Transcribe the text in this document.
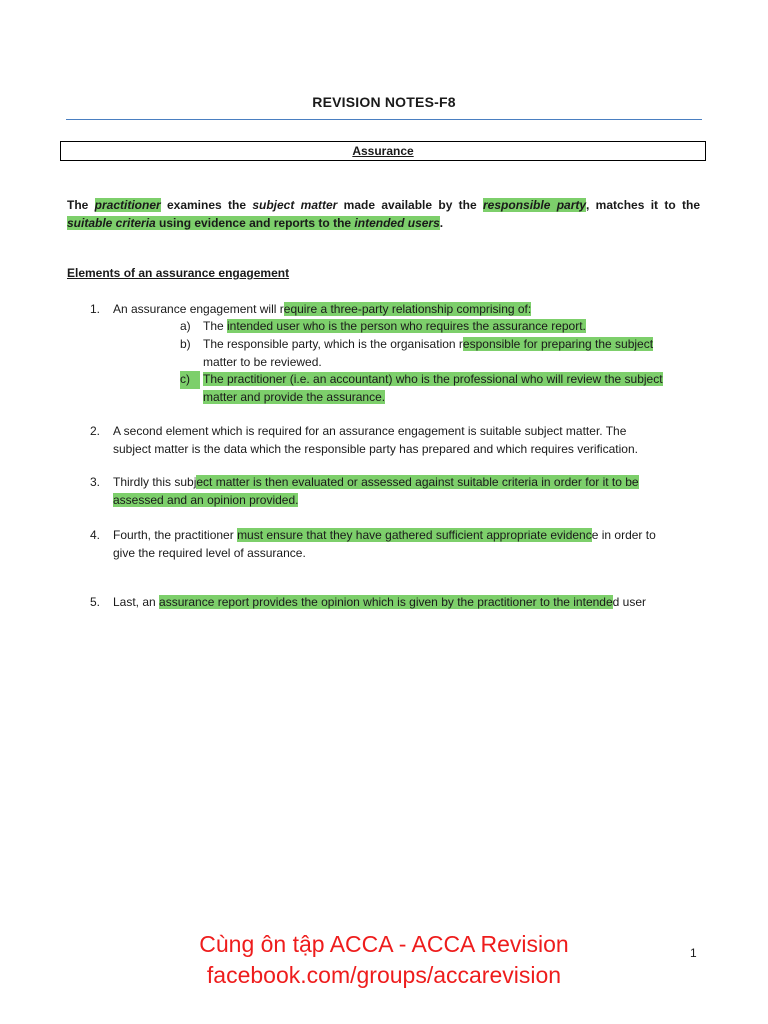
REVISION NOTES-F8
Assurance
The practitioner examines the subject matter made available by the responsible party, matches it to the suitable criteria using evidence and reports to the intended users.
Elements of an assurance engagement
1.	An assurance engagement will require a three-party relationship comprising of:
a)	The intended user who is the person who requires the assurance report.
b)	The responsible party, which is the organisation responsible for preparing the subject
matter to be reviewed.
c)	The practitioner (i.e. an accountant) who is the professional who will review the subject
matter and provide the assurance.
2.	A second element which is required for an assurance engagement is suitable subject matter. The
subject matter is the data which the responsible party has prepared and which requires verification.
3.	Thirdly this subject matter is then evaluated or assessed against suitable criteria in order for it to be
assessed and an opinion provided.
4.	Fourth, the practitioner must ensure that they have gathered sufficient appropriate evidence in order to
give the required level of assurance.
5.	Last, an assurance report provides the opinion which is given by the practitioner to the intended user
Cùng ôn tập ACCA - ACCA Revision
facebook.com/groups/accarevision
1
